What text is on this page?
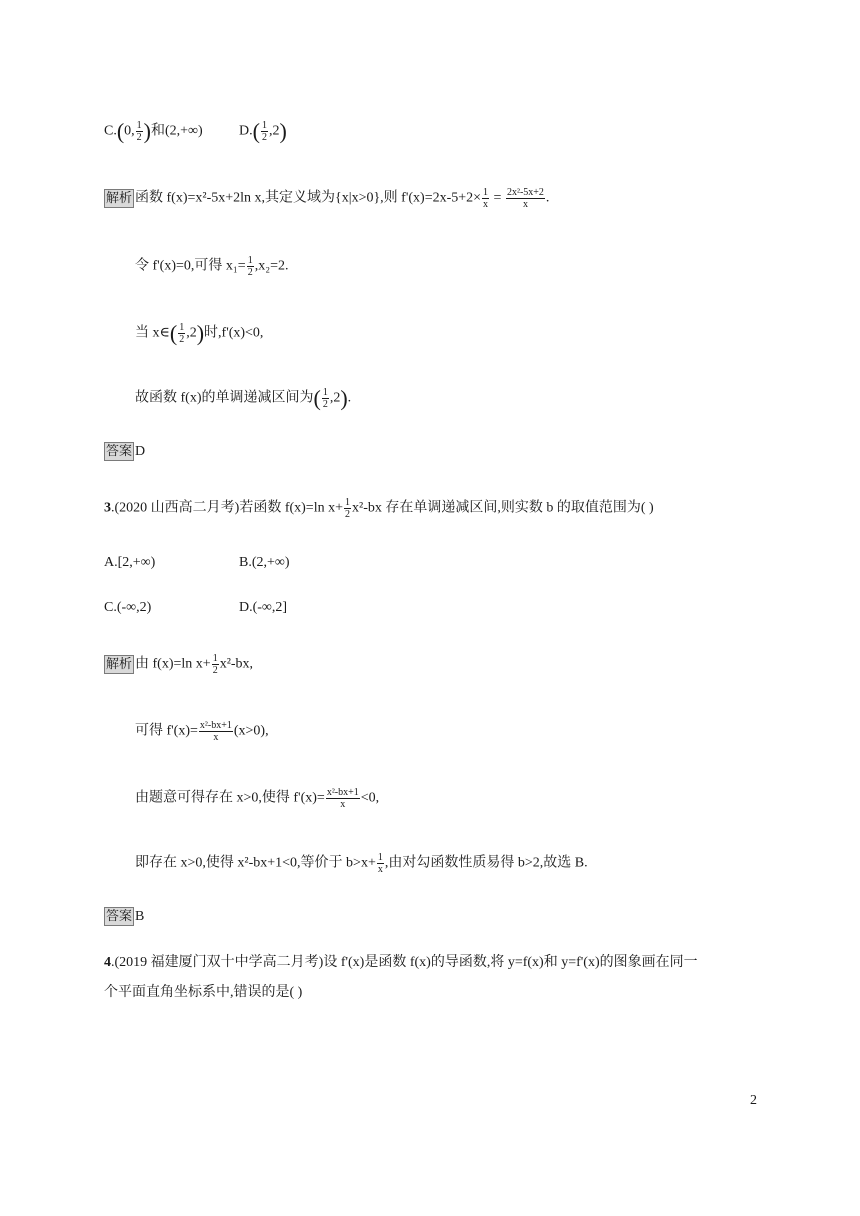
C.(0, $\frac{1}{2}$ )和(2,+∞)	$D.( \frac{1}{2} ,2)$
解析 函数 f(x)=x²-5x+2ln x,其定义域为{x|x>0},则 $f'(x)=2x-5+2\times \frac{1}{x} = \frac{\text{2x²-5x+2}}{x}$ .
令 f'(x)=0,可得 $x_1= \frac{1}{2} ,x_2=2$.
当 x∈( $\frac{1}{2} ,2$)时,f'(x)<0,
故函数 f(x)的单调递减区间为( $\frac{1}{2} ,2$).
答案 D
3.(2020 山西高二月考)若函数 f(x)=ln $x+ \frac{1}{2} x^2-bx$ 存在单调递减区间,则实数 b 的取值范围为( )
A.[2,+∞)	B.(2,+∞)
C.(-∞,2)	D.(-∞,2]
解析 由 f(x)=ln $x+ \frac{1}{2} x^2-bx$,
可得 $f'(x)= \frac{\text{x²-bx+1}}{x} (x>0)$,
由题意可得存在 x>0,使得 $f'(x)= \frac{\text{x²-bx+1}}{x} <0$,
即存在 x>0,使得 x²-bx+1<0,等价于 $b>x+ \frac{1}{x}$ ,由对勾函数性质易得 b>2,故选 B.
答案 B
4.(2019 福建厦门双十中学高二月考)设 f'(x)是函数 f(x)的导函数,将 y=f(x)和 y=f'(x)的图象画在同一
个平面直角坐标系中,错误的是( )
2
